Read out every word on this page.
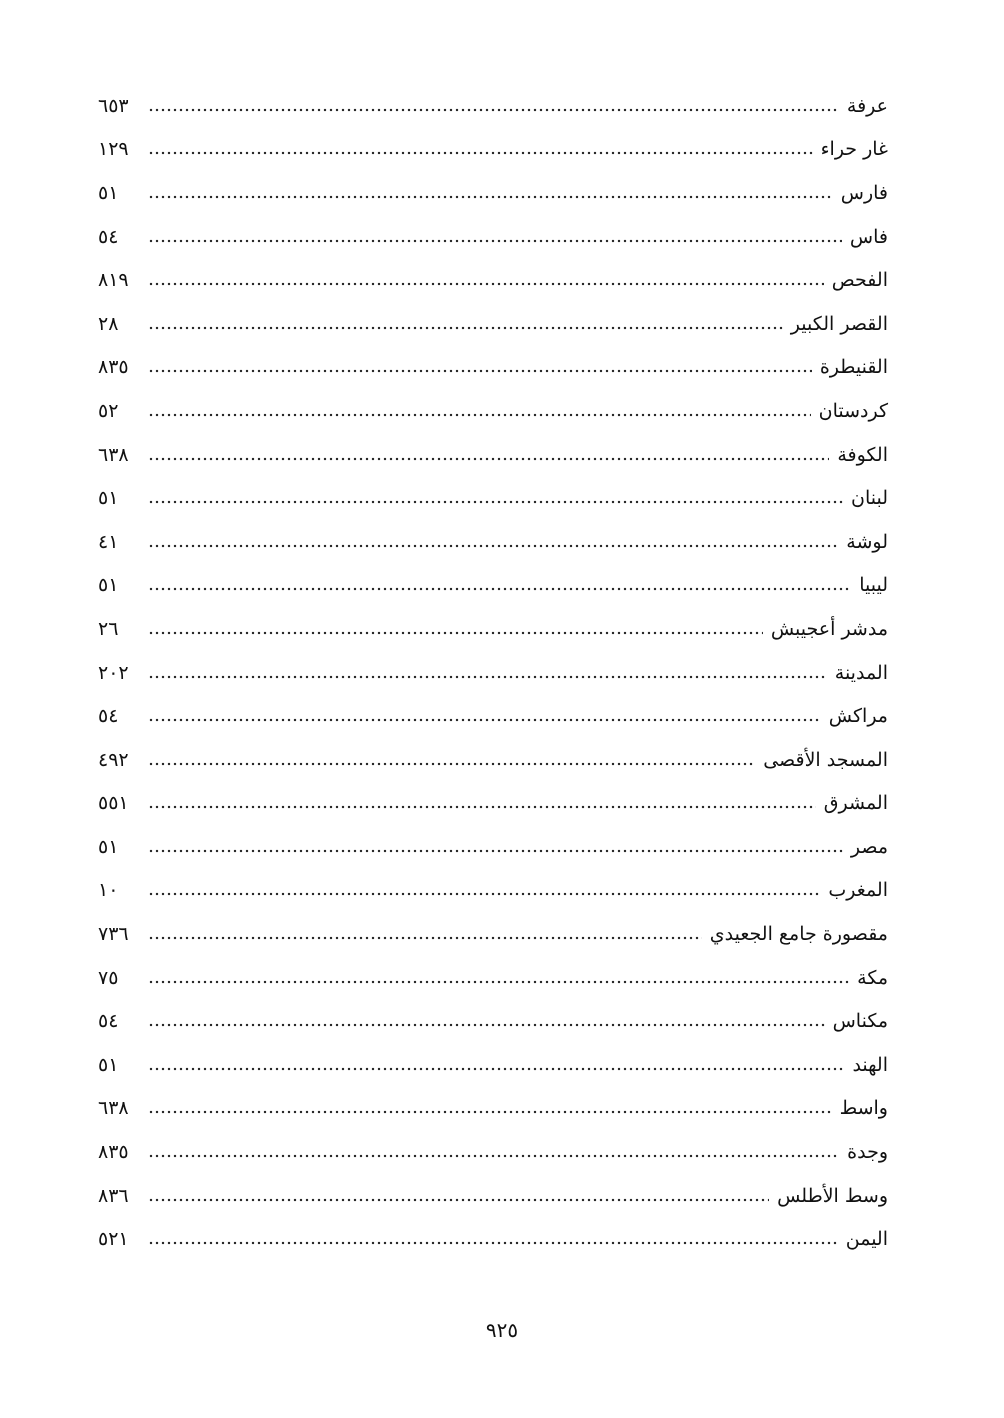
عرفة
٦٥٣
غار حراء
١٢٩
فارس
٥١
فاس
٥٤
الفحص
٨١٩
القصر الكبير
٢٨
القنيطرة
٨٣٥
كردستان
٥٢
الكوفة
٦٣٨
لبنان
٥١
لوشة
٤١
ليبيا
٥١
مدشر أعجيبش
٢٦
المدينة
٢٠٢
مراكش
٥٤
المسجد الأقصى
٤٩٢
المشرق
٥٥١
مصر
٥١
المغرب
١٠
مقصورة جامع الجعيدي
٧٣٦
مكة
٧٥
مكناس
٥٤
الهند
٥١
واسط
٦٣٨
وجدة
٨٣٥
وسط الأطلس
٨٣٦
اليمن
٥٢١
٩٢٥
